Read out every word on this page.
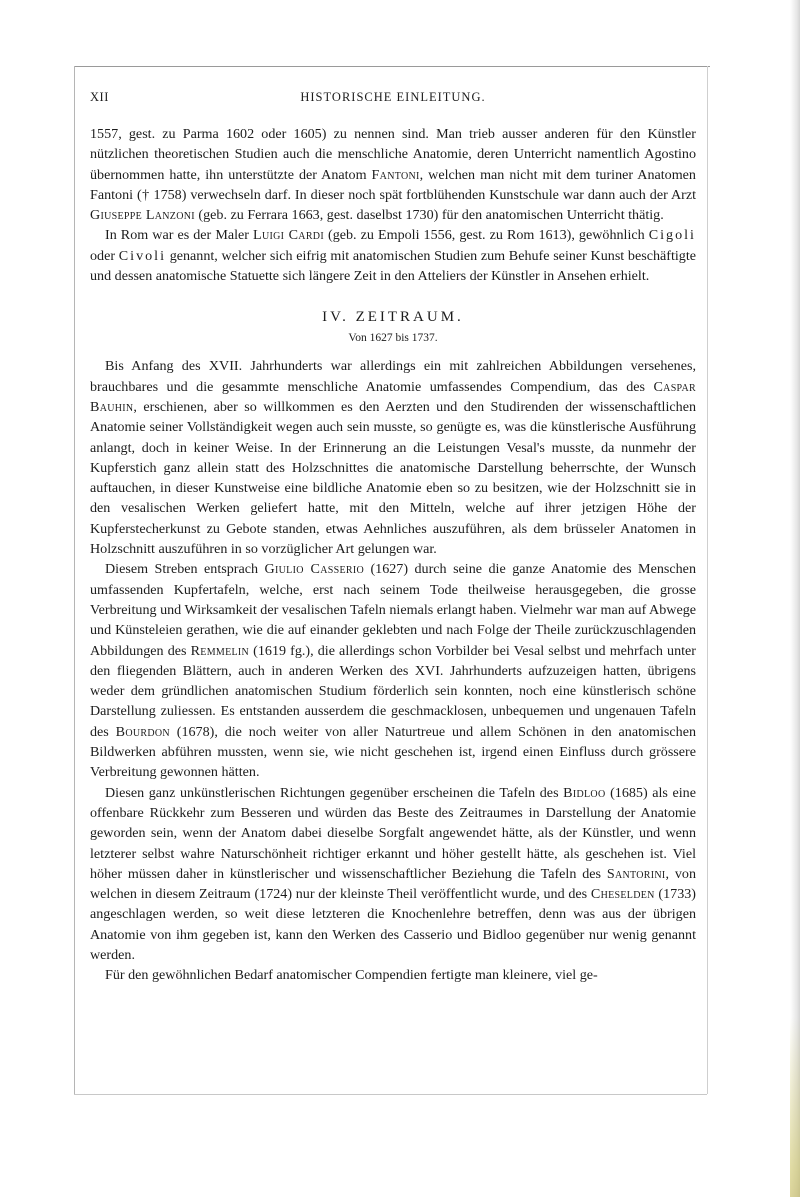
XII	HISTORISCHE EINLEITUNG.

1557, gest. zu Parma 1602 oder 1605) zu nennen sind. Man trieb ausser anderen für den Künstler nützlichen theoretischen Studien auch die menschliche Anatomie, deren Unterricht namentlich Agostino übernommen hatte, ihn unterstützte der Anatom Fantoni, welchen man nicht mit dem turiner Anatomen Fantoni († 1758) verwechseln darf. In dieser noch spät fortblühenden Kunstschule war dann auch der Arzt Giuseppe Lanzoni (geb. zu Ferrara 1663, gest. daselbst 1730) für den anatomischen Unterricht thätig.

In Rom war es der Maler Luigi Cardi (geb. zu Empoli 1556, gest. zu Rom 1613), gewöhnlich Cigoli oder Civoli genannt, welcher sich eifrig mit anatomischen Studien zum Behufe seiner Kunst beschäftigte und dessen anatomische Statuette sich längere Zeit in den Atteliers der Künstler in Ansehen erhielt.

IV. ZEITRAUM.

Von 1627 bis 1737.

Bis Anfang des XVII. Jahrhunderts war allerdings ein mit zahlreichen Abbildungen versehenes, brauchbares und die gesammte menschliche Anatomie umfassendes Compendium, das des Caspar Bauhin, erschienen, aber so willkommen es den Aerzten und den Studirenden der wissenschaftlichen Anatomie seiner Vollständigkeit wegen auch sein musste, so genügte es, was die künstlerische Ausführung anlangt, doch in keiner Weise. In der Erinnerung an die Leistungen Vesal's musste, da nunmehr der Kupferstich ganz allein statt des Holzschnittes die anatomische Darstellung beherrschte, der Wunsch auftauchen, in dieser Kunstweise eine bildliche Anatomie eben so zu besitzen, wie der Holzschnitt sie in den vesalischen Werken geliefert hatte, mit den Mitteln, welche auf ihrer jetzigen Höhe der Kupferstecherkunst zu Gebote standen, etwas Aehnliches auszuführen, als dem brüsseler Anatomen in Holzschnitt auszuführen in so vorzüglicher Art gelungen war.

Diesem Streben entsprach Giulio Casserio (1627) durch seine die ganze Anatomie des Menschen umfassenden Kupfertafeln, welche, erst nach seinem Tode theilweise herausgegeben, die grosse Verbreitung und Wirksamkeit der vesalischen Tafeln niemals erlangt haben. Vielmehr war man auf Abwege und Künsteleien gerathen, wie die auf einander geklebten und nach Folge der Theile zurückzuschlagenden Abbildungen des Remmelin (1619 fg.), die allerdings schon Vorbilder bei Vesal selbst und mehrfach unter den fliegenden Blättern, auch in anderen Werken des XVI. Jahrhunderts aufzuzeigen hatten, übrigens weder dem gründlichen anatomischen Studium förderlich sein konnten, noch eine künstlerisch schöne Darstellung zuliessen. Es entstanden ausserdem die geschmacklosen, unbequemen und ungenauen Tafeln des Bourdon (1678), die noch weiter von aller Naturtreue und allem Schönen in den anatomischen Bildwerken abführen mussten, wenn sie, wie nicht geschehen ist, irgend einen Einfluss durch grössere Verbreitung gewonnen hätten.

Diesen ganz unkünstlerischen Richtungen gegenüber erscheinen die Tafeln des Bidloo (1685) als eine offenbare Rückkehr zum Besseren und würden das Beste des Zeitraumes in Darstellung der Anatomie geworden sein, wenn der Anatom dabei dieselbe Sorgfalt angewendet hätte, als der Künstler, und wenn letzterer selbst wahre Naturschönheit richtiger erkannt und höher gestellt hätte, als geschehen ist. Viel höher müssen daher in künstlerischer und wissenschaftlicher Beziehung die Tafeln des Santorini, von welchen in diesem Zeitraum (1724) nur der kleinste Theil veröffentlicht wurde, und des Cheselden (1733) angeschlagen werden, so weit diese letzteren die Knochenlehre betreffen, denn was aus der übrigen Anatomie von ihm gegeben ist, kann den Werken des Casserio und Bidloo gegenüber nur wenig genannt werden.

Für den gewöhnlichen Bedarf anatomischer Compendien fertigte man kleinere, viel ge-
